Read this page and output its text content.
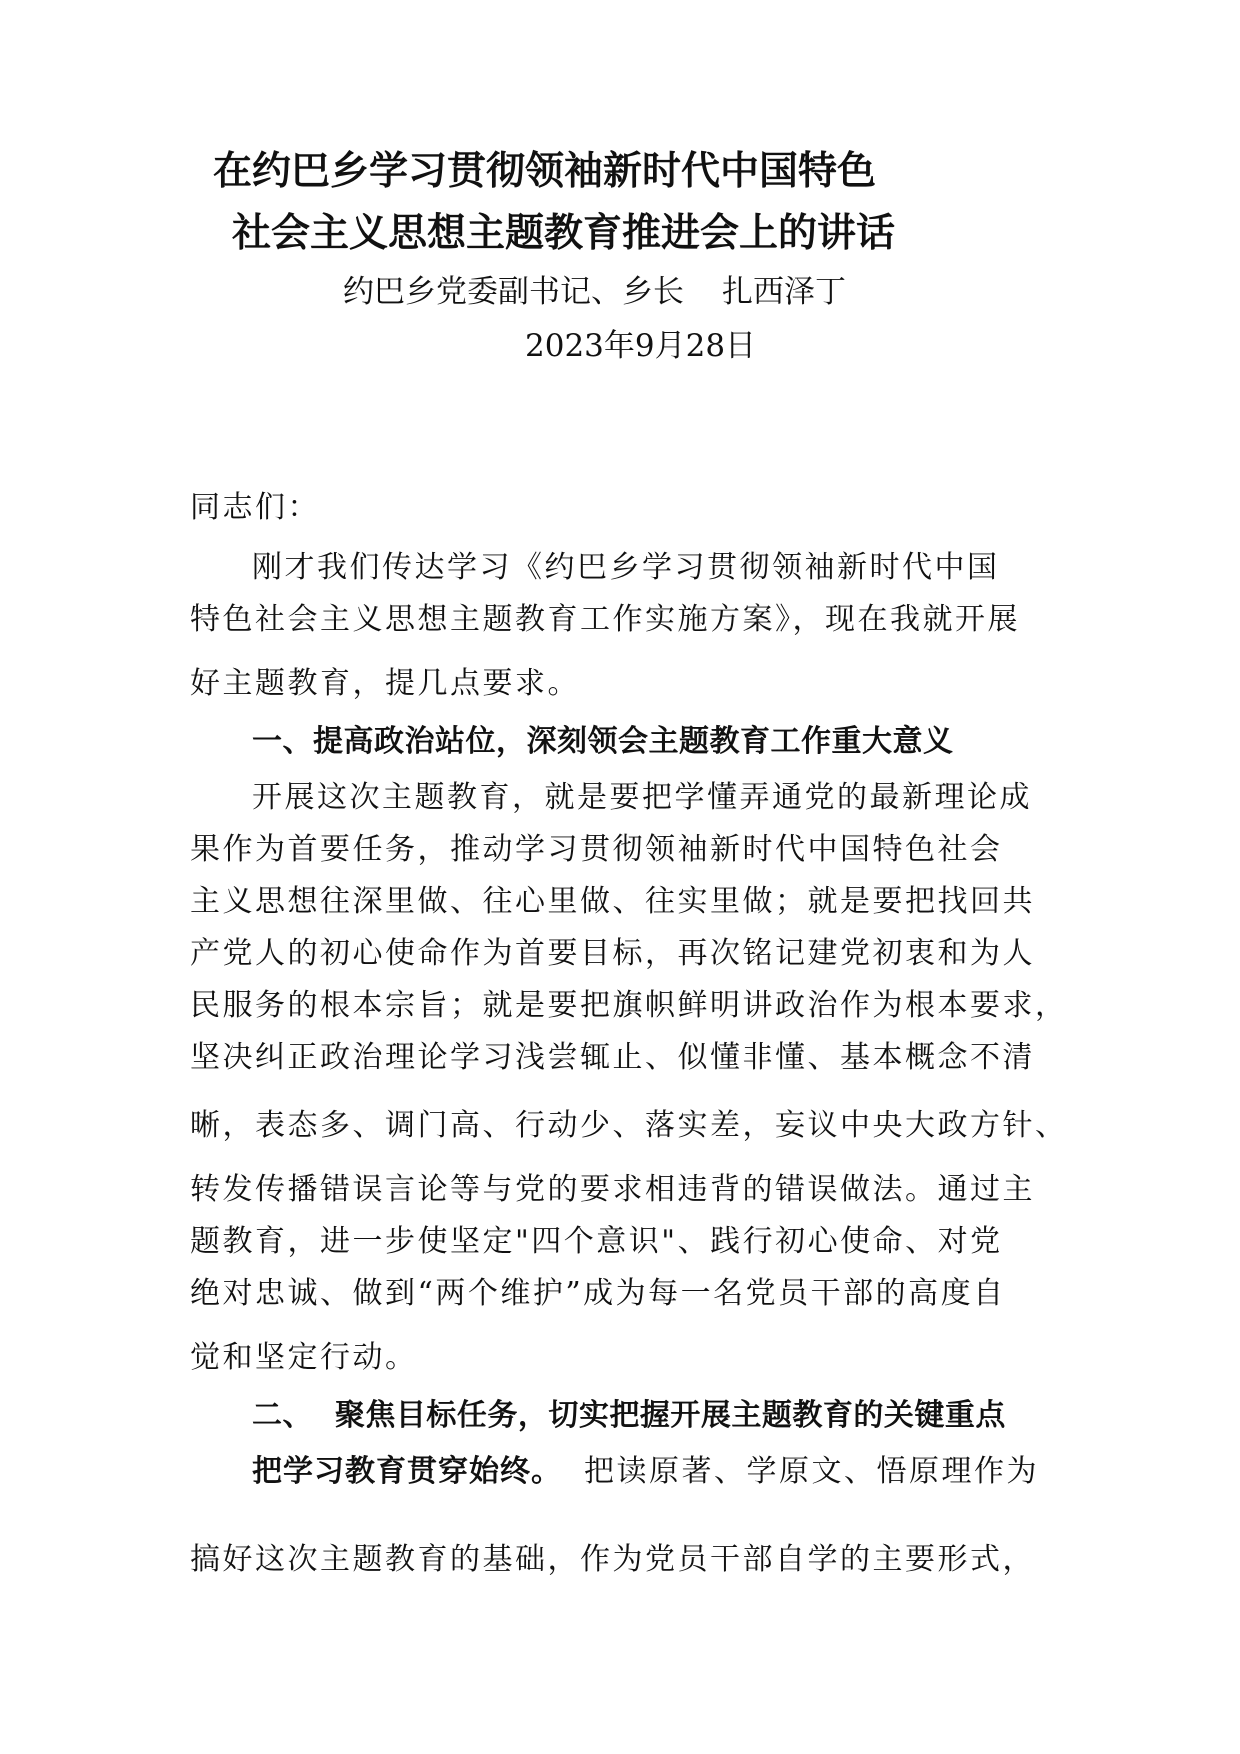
在约巴乡学习贯彻领袖新时代中国特色
社会主义思想主题教育推进会上的讲话
约巴乡党委副书记、乡长 扎西泽丁
2023年9月28日
同志们：
刚才我们传达学习《约巴乡学习贯彻领袖新时代中国
特色社会主义思想主题教育工作实施方案》，现在我就开展
好主题教育，提几点要求。
一、提高政治站位，深刻领会主题教育工作重大意义
开展这次主题教育，就是要把学懂弄通党的最新理论成
果作为首要任务，推动学习贯彻领袖新时代中国特色社会
主义思想往深里做、往心里做、往实里做；就是要把找回共
产党人的初心使命作为首要目标，再次铭记建党初衷和为人
民服务的根本宗旨；就是要把旗帜鲜明讲政治作为根本要求，
坚决纠正政治理论学习浅尝辄止、似懂非懂、基本概念不清
晰，表态多、调门高、行动少、落实差，妄议中央大政方针、
转发传播错误言论等与党的要求相违背的错误做法。通过主
题教育，进一步使坚定"四个意识"、践行初心使命、对党
绝对忠诚、做到“两个维护”成为每一名党员干部的高度自
觉和坚定行动。
二、  聚焦目标任务，切实把握开展主题教育的关键重点
把学习教育贯穿始终。 把读原著、学原文、悟原理作为
搞好这次主题教育的基础，作为党员干部自学的主要形式，
